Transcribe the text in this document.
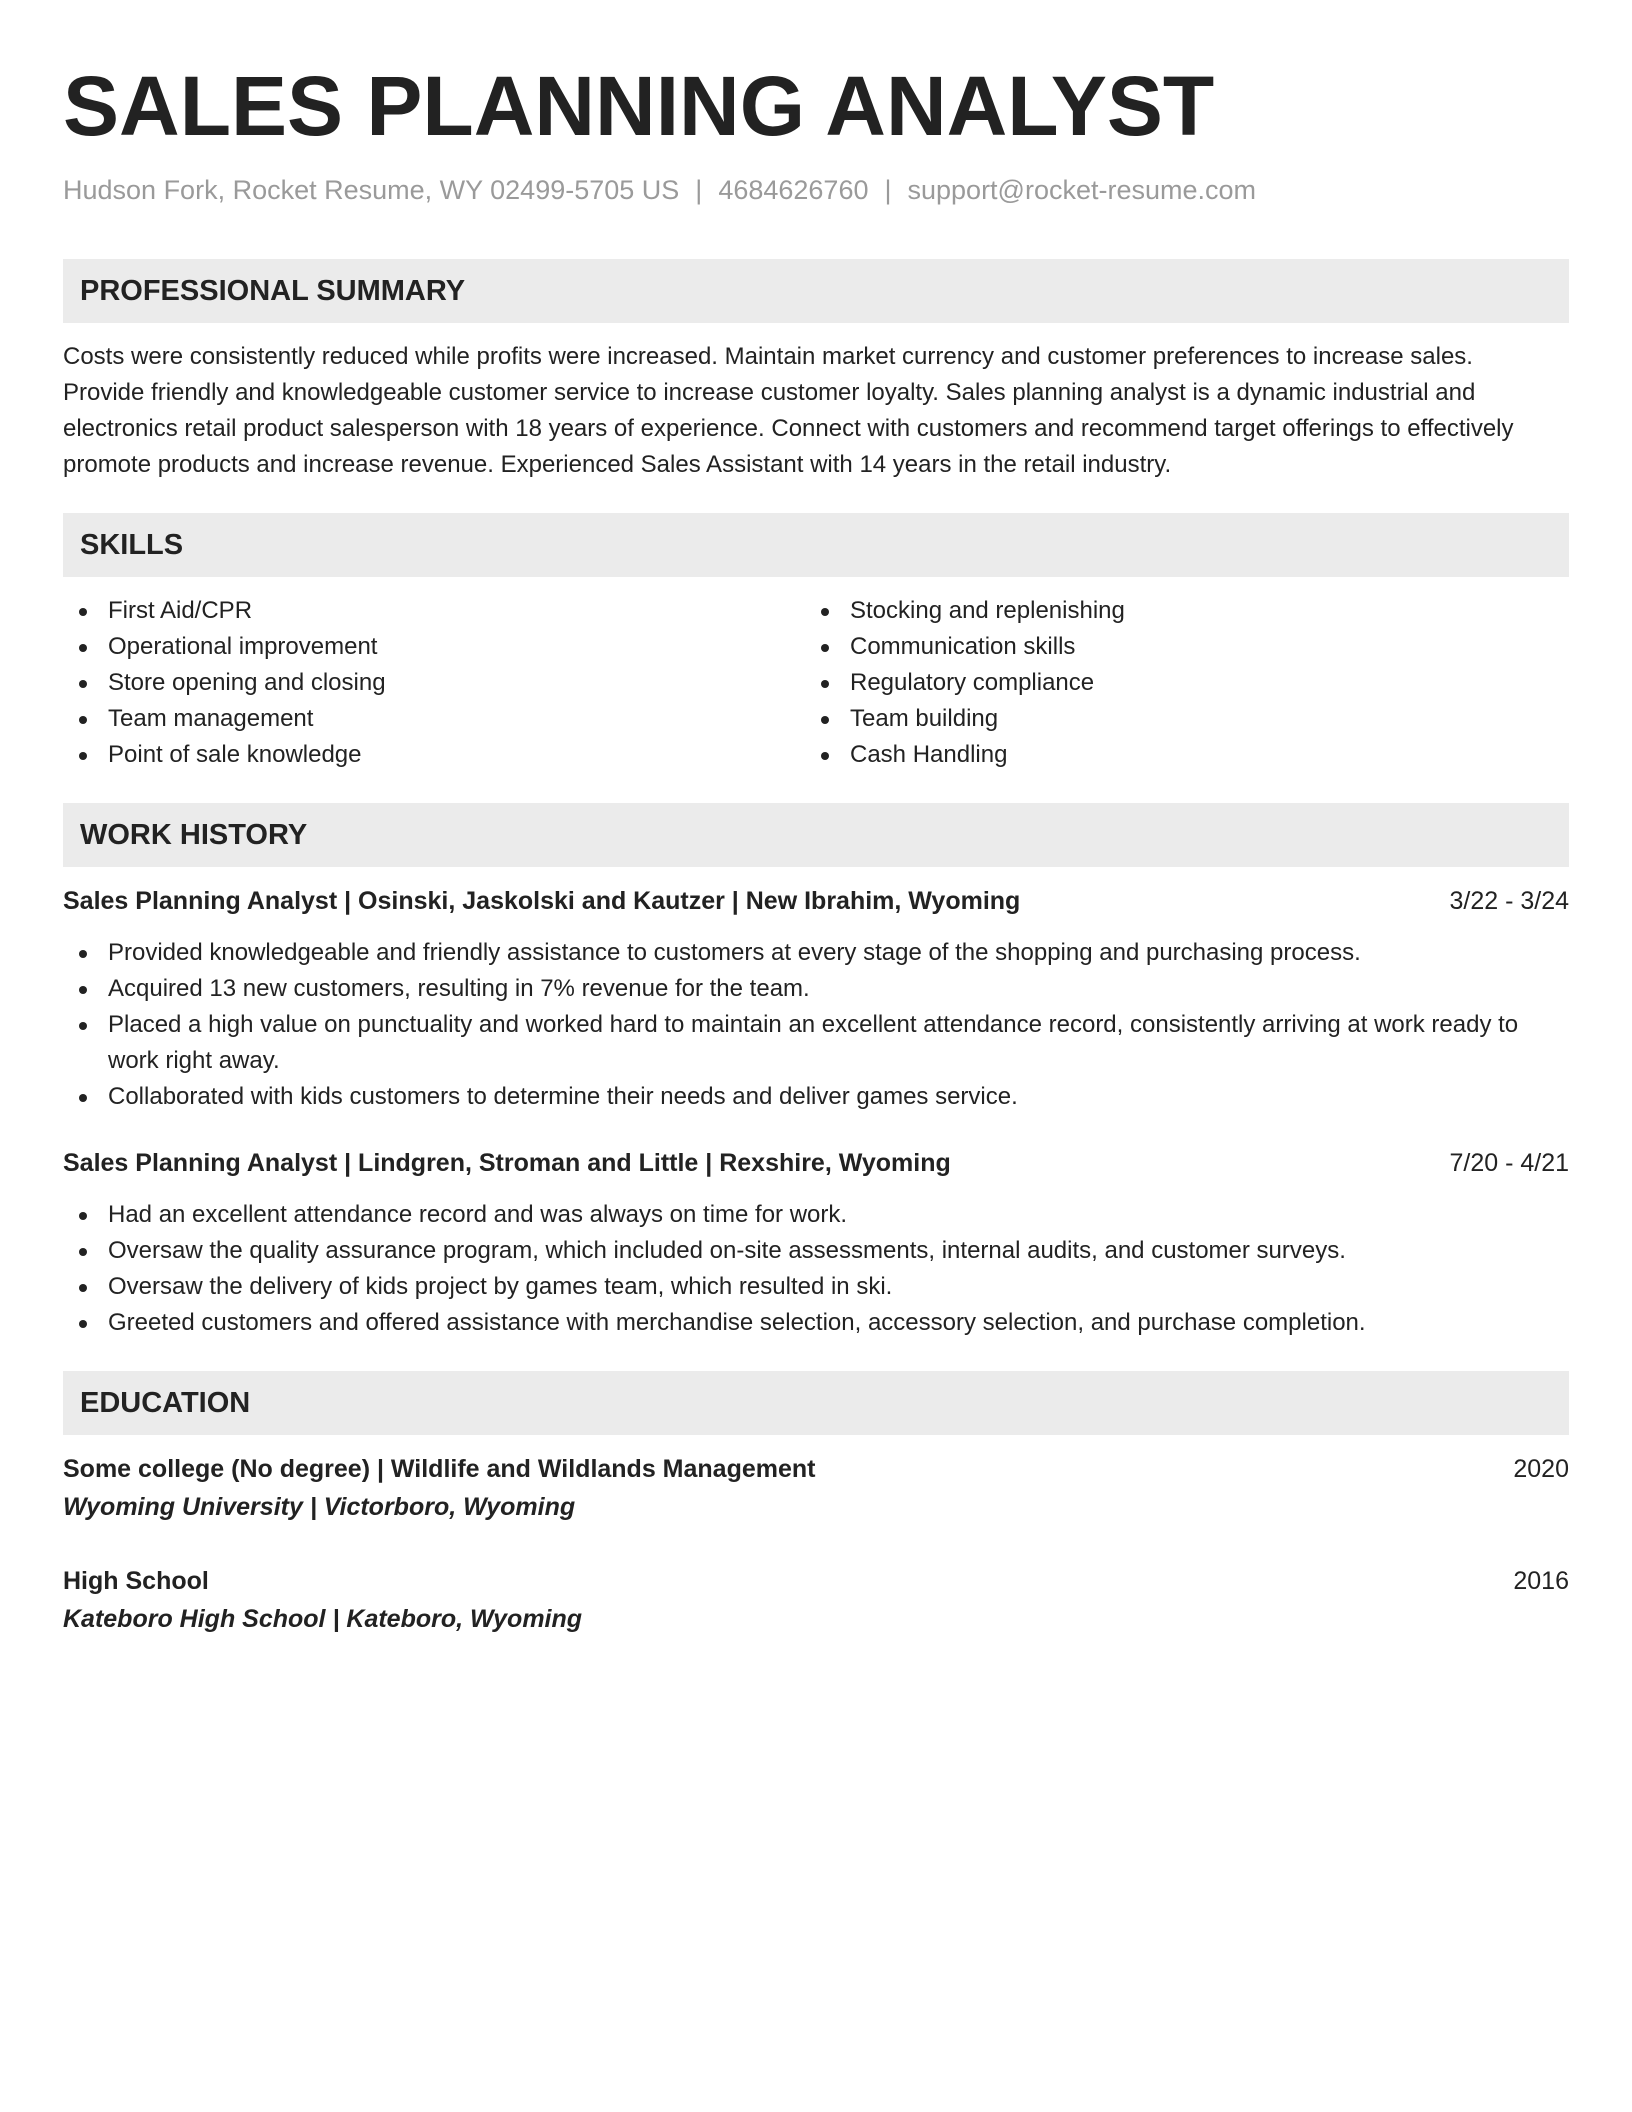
SALES PLANNING ANALYST
Hudson Fork, Rocket Resume, WY 02499-5705 US | 4684626760 | support@rocket-resume.com
PROFESSIONAL SUMMARY
Costs were consistently reduced while profits were increased. Maintain market currency and customer preferences to increase sales. Provide friendly and knowledgeable customer service to increase customer loyalty. Sales planning analyst is a dynamic industrial and electronics retail product salesperson with 18 years of experience. Connect with customers and recommend target offerings to effectively promote products and increase revenue. Experienced Sales Assistant with 14 years in the retail industry.
SKILLS
First Aid/CPR
Operational improvement
Store opening and closing
Team management
Point of sale knowledge
Stocking and replenishing
Communication skills
Regulatory compliance
Team building
Cash Handling
WORK HISTORY
Sales Planning Analyst | Osinski, Jaskolski and Kautzer | New Ibrahim, Wyoming	3/22 - 3/24
Provided knowledgeable and friendly assistance to customers at every stage of the shopping and purchasing process.
Acquired 13 new customers, resulting in 7% revenue for the team.
Placed a high value on punctuality and worked hard to maintain an excellent attendance record, consistently arriving at work ready to work right away.
Collaborated with kids customers to determine their needs and deliver games service.
Sales Planning Analyst | Lindgren, Stroman and Little | Rexshire, Wyoming	7/20 - 4/21
Had an excellent attendance record and was always on time for work.
Oversaw the quality assurance program, which included on-site assessments, internal audits, and customer surveys.
Oversaw the delivery of kids project by games team, which resulted in ski.
Greeted customers and offered assistance with merchandise selection, accessory selection, and purchase completion.
EDUCATION
Some college (No degree) | Wildlife and Wildlands Management	2020
Wyoming University | Victorboro, Wyoming
High School	2016
Kateboro High School | Kateboro, Wyoming
